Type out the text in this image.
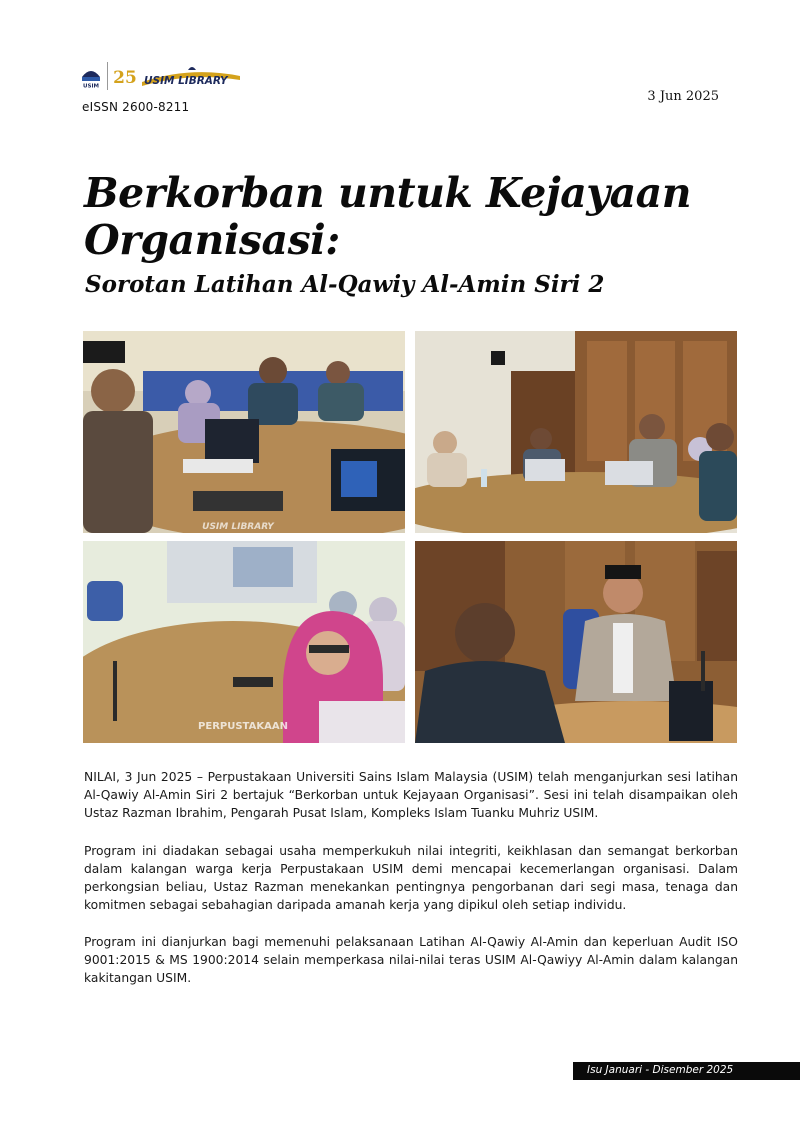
USIM 25 USIM LIBRARY
eISSN 2600-8211
3 Jun 2025
Berkorban untuk Kejayaan Organisasi:
Sorotan Latihan Al-Qawiy Al-Amin Siri 2
USIM LIBRARY
PERPUSTAKAAN

NILAI, 3 Jun 2025 – Perpustakaan Universiti Sains Islam Malaysia (USIM) telah menganjurkan sesi latihan Al-Qawiy Al-Amin Siri 2 bertajuk “Berkorban untuk Kejayaan Organisasi”. Sesi ini telah disampaikan oleh Ustaz Razman Ibrahim, Pengarah Pusat Islam, Kompleks Islam Tuanku Muhriz USIM.

Program ini diadakan sebagai usaha memperkukuh nilai integriti, keikhlasan dan semangat berkorban dalam kalangan warga kerja Perpustakaan USIM demi mencapai kecemerlangan organisasi. Dalam perkongsian beliau, Ustaz Razman menekankan pentingnya pengorbanan dari segi masa, tenaga dan komitmen sebagai sebahagian daripada amanah kerja yang dipikul oleh setiap individu.

Program ini dianjurkan bagi memenuhi pelaksanaan Latihan Al-Qawiy Al-Amin dan keperluan Audit ISO 9001:2015 & MS 1900:2014 selain memperkasa nilai-nilai teras USIM Al-Qawiyy Al-Amin dalam kalangan kakitangan USIM.

Isu Januari - Disember 2025
